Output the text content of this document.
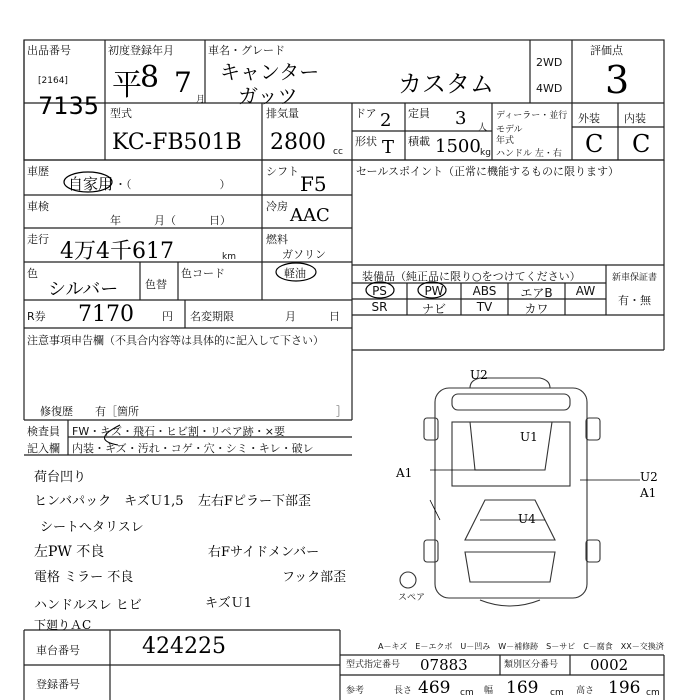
出品番号
[2164]
7135
初度登録年月
平
8 7
月
車名・グレード
キャンター
ガッツ	カスタム
2WD
4WD
評価点
3
型式
KC-FB501B
排気量
2800 cc
ドア 2
形状 T
定員 3 人
積載 1500 kg
ディーラー・並行
モデル
年式
ハンドル 左・右
外装 内装
C C
車歴
自家用 ・（　　　　　　　　）
車検
年　　　月（　　　日）
走行 4万4千617	km
色
シルバー 色替
色コード
R券 7170	円 名変期限	月　　　日
シフト
F5
冷房 AAC
燃料
ガソリン
軽油
セールスポイント（正常に機能するものに限ります）
装備品（純正品に限り○をつけてください）
PS	PW	ABS	エアB	AW
SR	ナビ	TV	カワ
新車保証書
有・無
注意事項申告欄（不具合内容等は具体的に記入して下さい）
修復歴　　有［箇所	］
検査員
記入欄
FW・キズ・飛石・ヒビ割・リペア跡・×要
内装・キズ・汚れ・コゲ・穴・シミ・キレ・破レ
荷台凹り
ヒンバパック　キズＵ1,5
シートへタリスレ
左PW 不良
電格 ミラー 不良
ハンドルスレ ヒビ
下廻りＡC
左右Fピラー下部歪
右Fサイドメンバー
フック部歪
キズＵ1
U2
U1
U4
A1	U2
A1
スペア
A－キズ　E－エクボ　U－凹み　W－補修跡　S－サビ　C－腐食　XX－交換済
車台番号	424225
登録番号
型式指定番号 07883	類別区分番号 0002
参考	長さ 469 cm 幅 169 cm 高さ 196 cm
